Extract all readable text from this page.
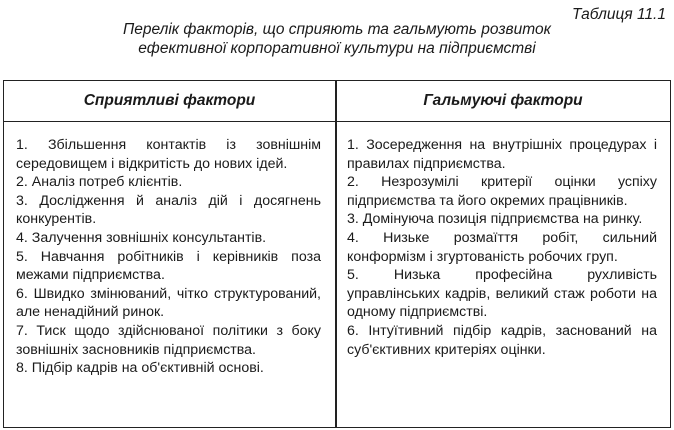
Таблиця 11.1
Перелік факторів, що сприяють та гальмують розвиток
ефективної корпоративної культури на підприємстві
Сприятливі фактори	Гальмуючі фактори

1. Збільшення контактів із зовнішнім середовищем і відкритість до нових ідей.

2. Аналіз потреб клієнтів.

3. Дослідження й аналіз дій і досягнень конкурентів.

4. Залучення зовнішніх консультантів.

5. Навчання робітників і керівників поза межами підприємства.

6. Швидко змінюваний, чітко структурований, але ненадійний ринок.

7. Тиск щодо здійснюваної політики з боку зовнішніх засновників підприємства.

8. Підбір кадрів на об'єктивній основі.

1. Зосередження на внутрішніх процедурах і правилах підприємства.

2. Незрозумілі критерії оцінки успіху підприємства та його окремих працівників.

3. Домінуюча позиція підприємства на ринку.

4. Низьке розмаїття робіт, сильний конформізм і згуртованість робочих груп.

5. Низька професійна рухливість управлінських кадрів, великий стаж роботи на одному підприємстві.

6. Інтуїтивний підбір кадрів, заснований на суб'єктивних критеріях оцінки.
